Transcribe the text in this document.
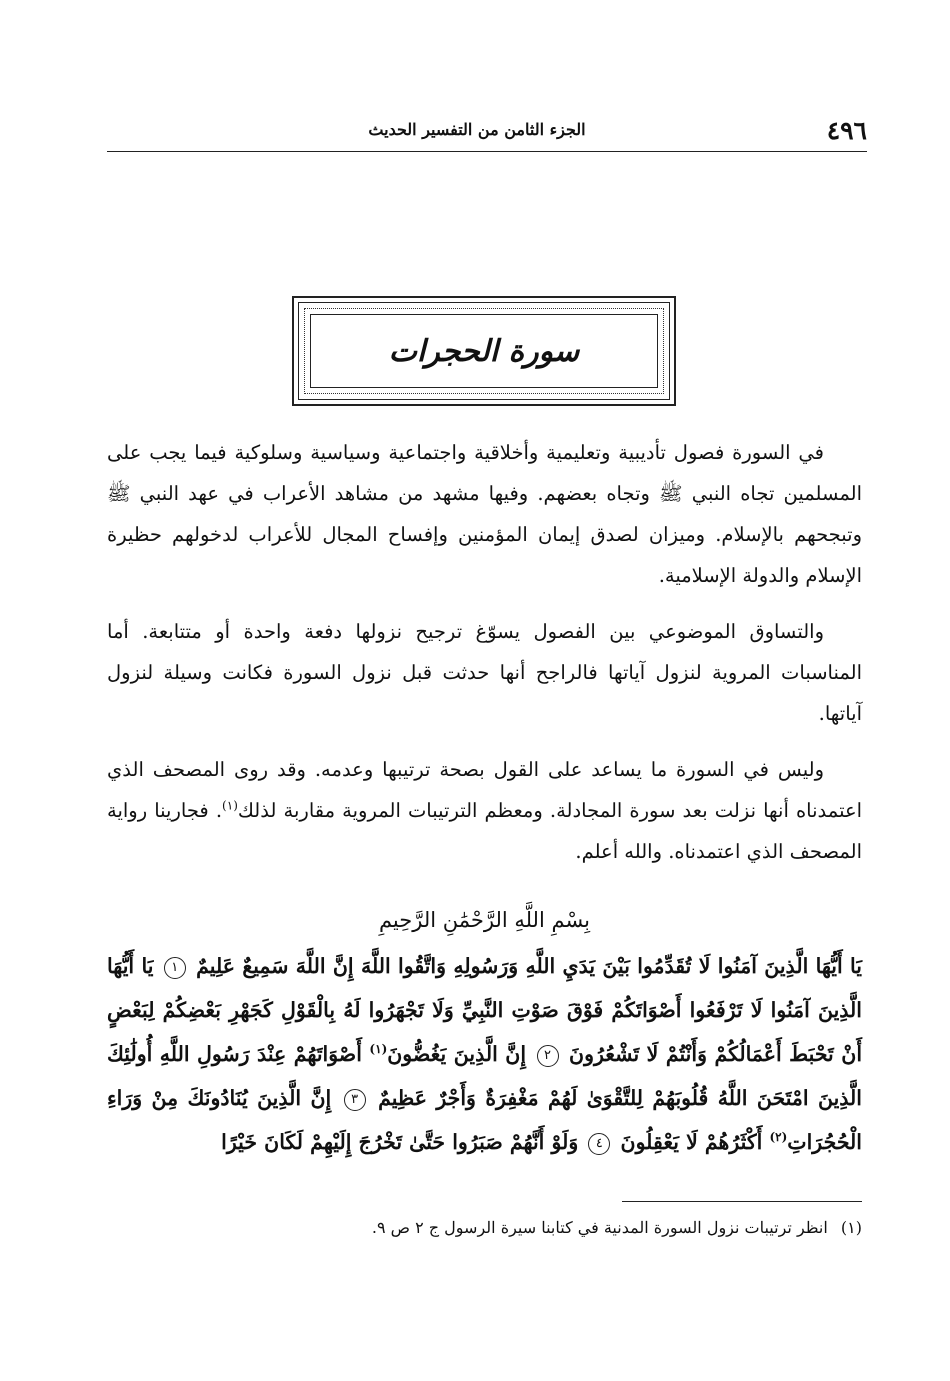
٤٩٦
الجزء الثامن من التفسير الحديث
سورة الحجرات

في السورة فصول تأديبية وتعليمية وأخلاقية واجتماعية وسياسية وسلوكية فيما يجب على المسلمين تجاه النبي ﷺ وتجاه بعضهم. وفيها مشهد من مشاهد الأعراب في عهد النبي ﷺ وتبجحهم بالإسلام. وميزان لصدق إيمان المؤمنين وإفساح المجال للأعراب لدخولهم حظيرة الإسلام والدولة الإسلامية.

والتساوق الموضوعي بين الفصول يسوّغ ترجيح نزولها دفعة واحدة أو متتابعة. أما المناسبات المروية لنزول آياتها فالراجح أنها حدثت قبل نزول السورة فكانت وسيلة لنزول آياتها.

وليس في السورة ما يساعد على القول بصحة ترتيبها وعدمه. وقد روى المصحف الذي اعتمدناه أنها نزلت بعد سورة المجادلة. ومعظم الترتيبات المروية مقاربة لذلك$^{(١)}$. فجارينا رواية المصحف الذي اعتمدناه. والله أعلم.

بِسْمِ اللَّهِ الرَّحْمَٰنِ الرَّحِيمِ
يَا أَيُّهَا الَّذِينَ آمَنُوا لَا تُقَدِّمُوا بَيْنَ يَدَيِ اللَّهِ وَرَسُولِهِ وَاتَّقُوا اللَّهَ إِنَّ اللَّهَ سَمِيعٌ عَلِيمٌ ١ يَا أَيُّهَا الَّذِينَ آمَنُوا لَا تَرْفَعُوا أَصْوَاتَكُمْ فَوْقَ صَوْتِ النَّبِيِّ وَلَا تَجْهَرُوا لَهُ بِالْقَوْلِ كَجَهْرِ بَعْضِكُمْ لِبَعْضٍ أَنْ تَحْبَطَ أَعْمَالُكُمْ وَأَنْتُمْ لَا تَشْعُرُونَ ٢ إِنَّ الَّذِينَ يَغُضُّونَ$^{(١)}$ أَصْوَاتَهُمْ عِنْدَ رَسُولِ اللَّهِ أُولَٰئِكَ الَّذِينَ امْتَحَنَ اللَّهُ قُلُوبَهُمْ لِلتَّقْوَىٰ لَهُمْ مَغْفِرَةٌ وَأَجْرٌ عَظِيمٌ ٣ إِنَّ الَّذِينَ يُنَادُونَكَ مِنْ وَرَاءِ الْحُجُرَاتِ$^{(٢)}$ أَكْثَرُهُمْ لَا يَعْقِلُونَ ٤ وَلَوْ أَنَّهُمْ صَبَرُوا حَتَّىٰ تَخْرُجَ إِلَيْهِمْ لَكَانَ خَيْرًا
(١) انظر ترتيبات نزول السورة المدنية في كتابنا سيرة الرسول ج ٢ ص ٩.
